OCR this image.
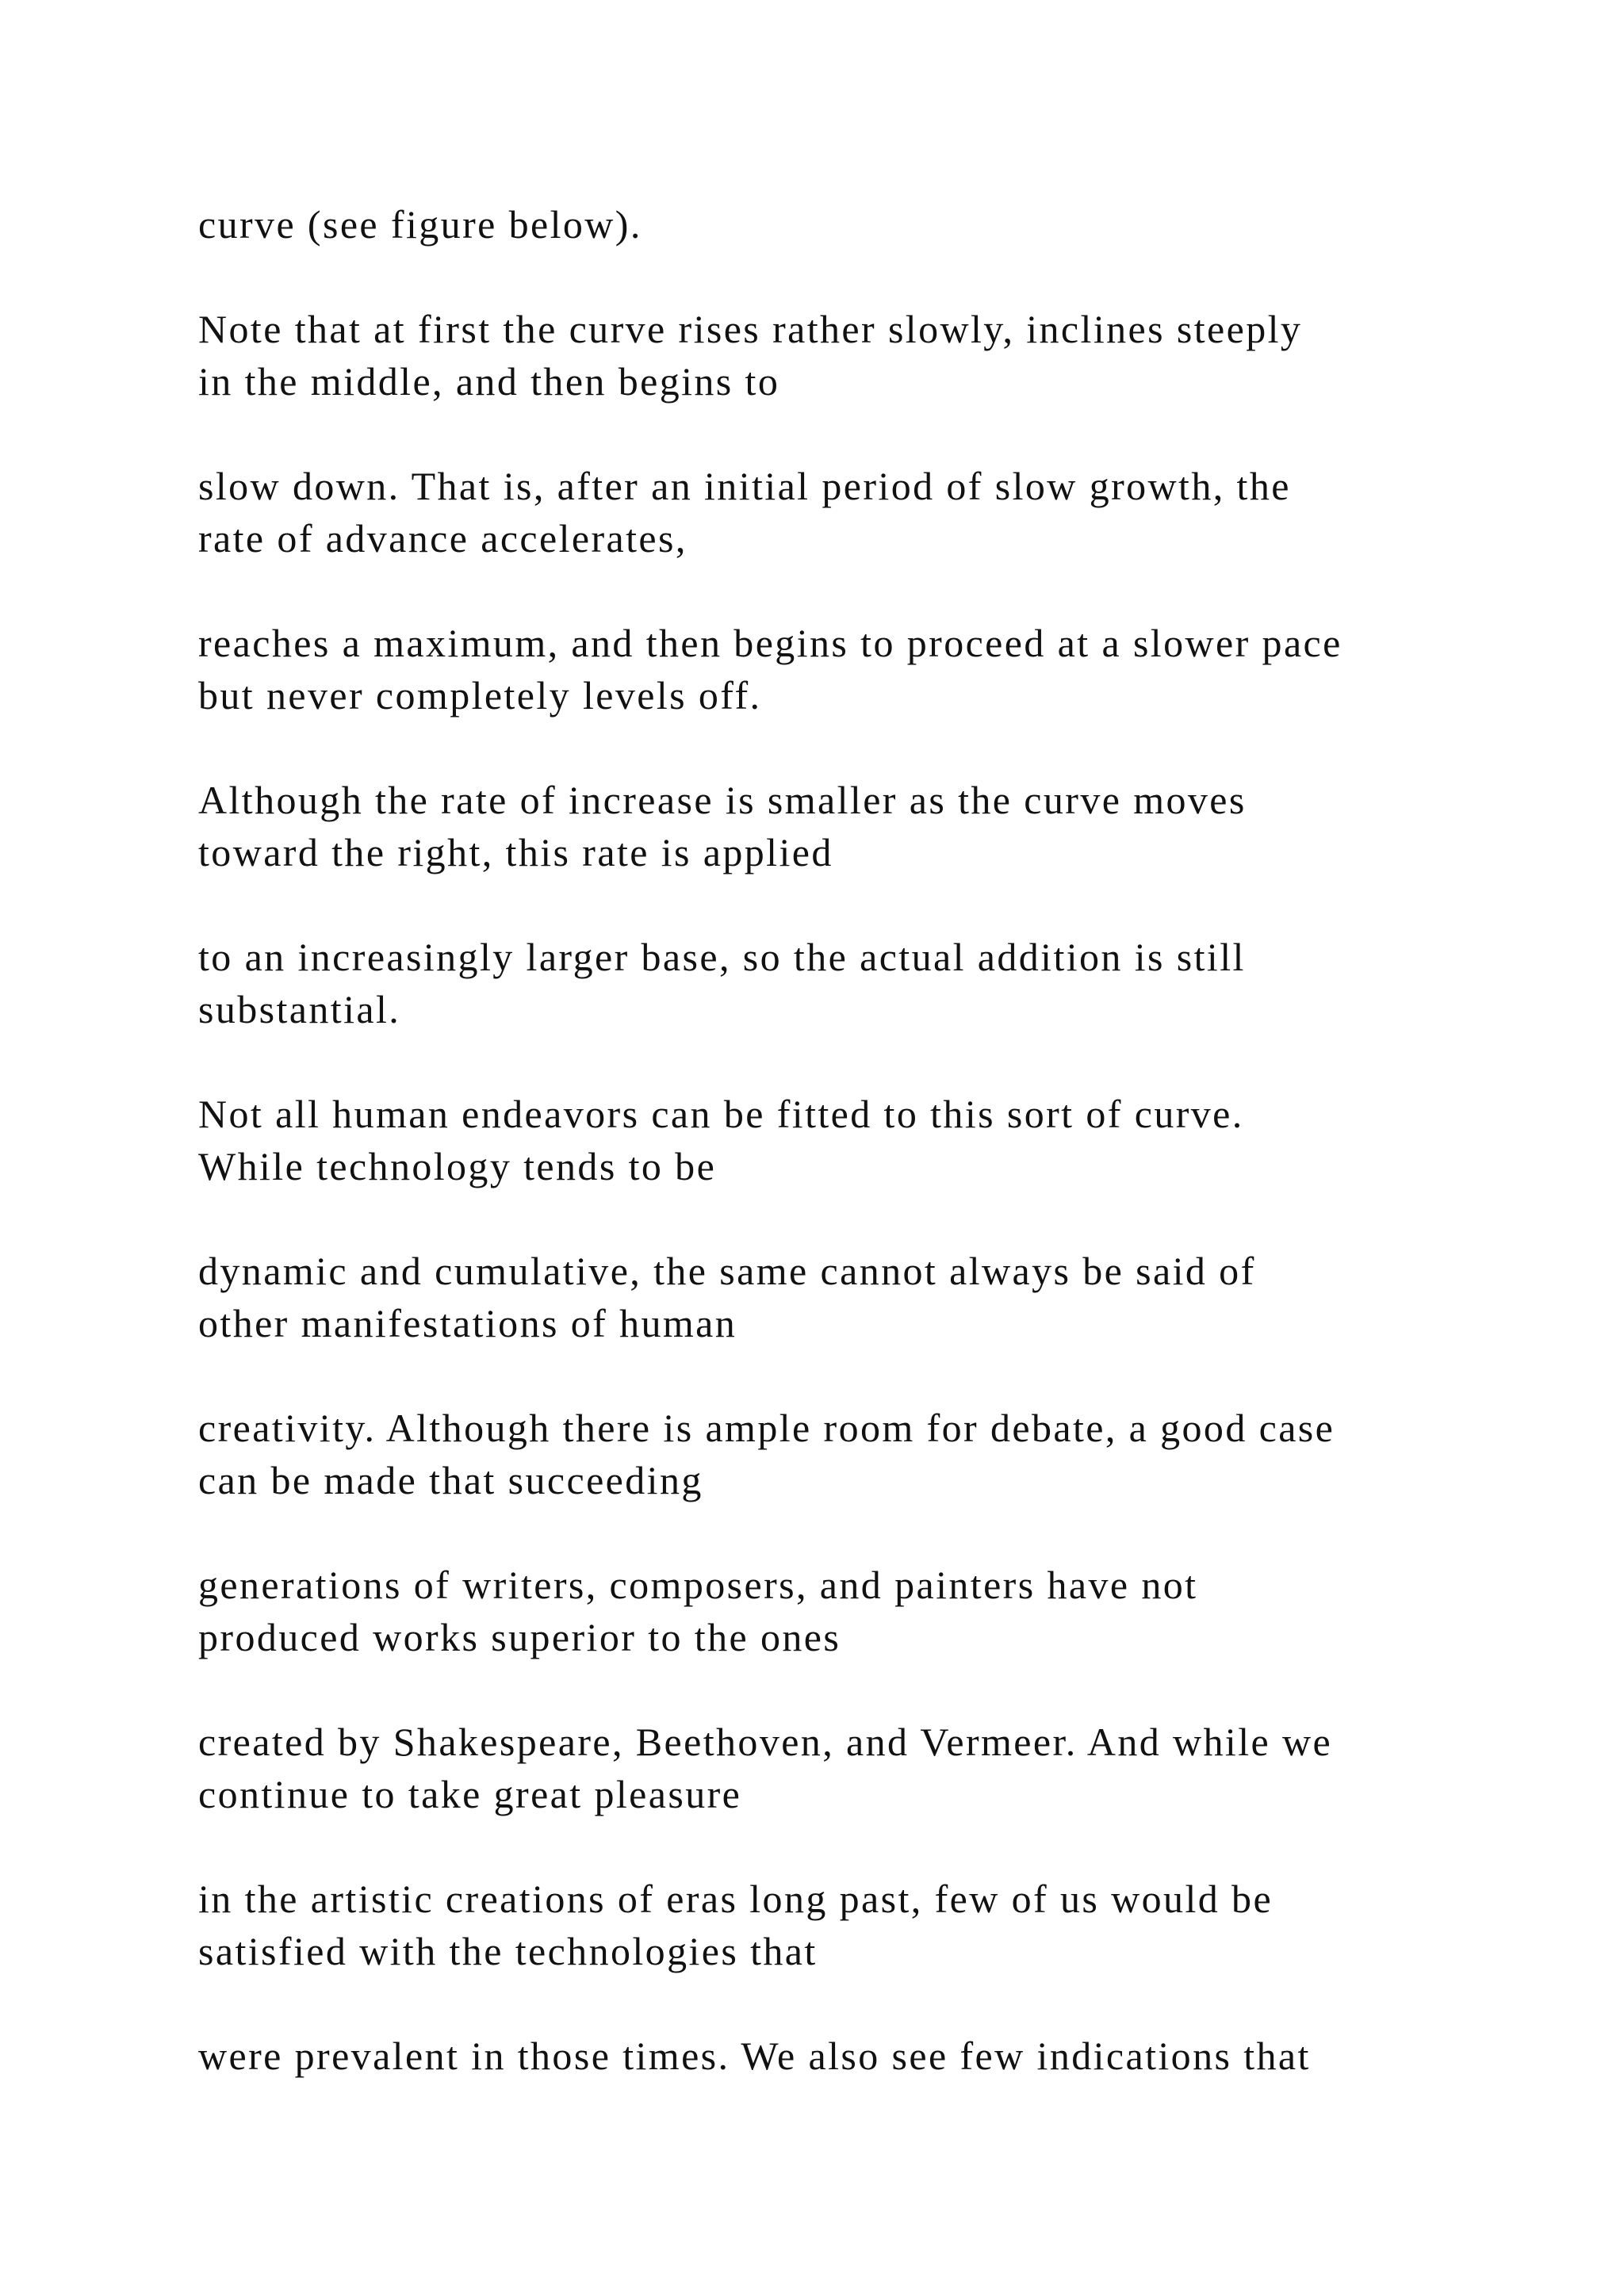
curve (see figure below).
Note that at first the curve rises rather slowly, inclines steeply
in the middle, and then begins to
slow down. That is, after an initial period of slow growth, the
rate of advance accelerates,
reaches a maximum, and then begins to proceed at a slower pace
but never completely levels off.
Although the rate of increase is smaller as the curve moves
toward the right, this rate is applied
to an increasingly larger base, so the actual addition is still
substantial.
Not all human endeavors can be fitted to this sort of curve.
While technology tends to be
dynamic and cumulative, the same cannot always be said of
other manifestations of human
creativity. Although there is ample room for debate, a good case
can be made that succeeding
generations of writers, composers, and painters have not
produced works superior to the ones
created by Shakespeare, Beethoven, and Vermeer. And while we
continue to take great pleasure
in the artistic creations of eras long past, few of us would be
satisfied with the technologies that
were prevalent in those times. We also see few indications that
